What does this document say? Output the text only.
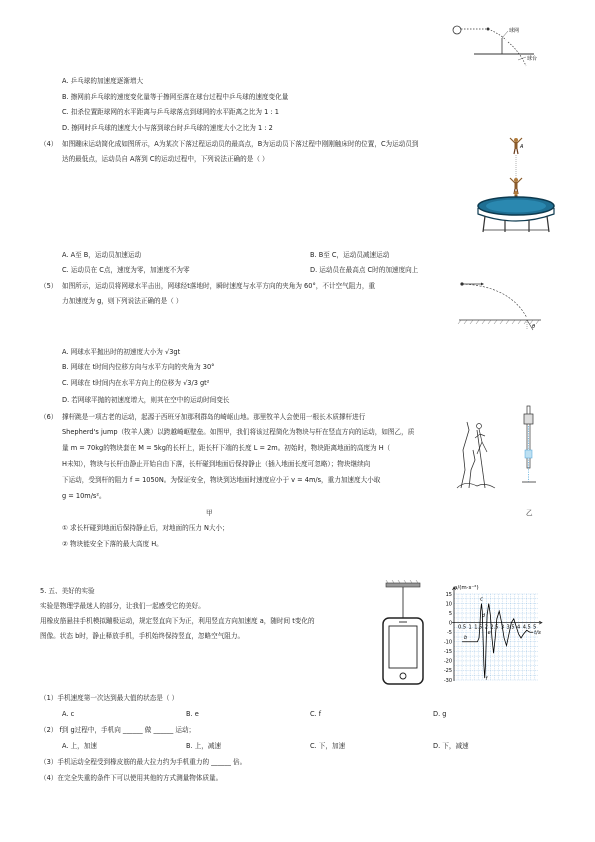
球网
球台
A. 乒乓球的加速度逐渐增大
B. 擦网前乒乓球的速度变化量等于擦网至落在球台过程中乒乓球的速度变化量
C. 扣杀位置距球网的水平距离与乒乓球落点到球网的水平距离之比为 1 : 1
D. 擦网时乒乓球的速度大小与落到球台时乒乓球的速度大小之比为 1 : 2
（4） 如图蹦床运动简化成如图所示，A为某次下落过程运动员的最高点，B为运动员下落过程中刚刚触床时的位置，C为运动员到
达的最低点，运动员自 A落到 C的运动过程中，下列说法正确的是（ ）
A
A. A至 B，运动员加速运动	B. B至 C，运动员减速运动
C. 运动员在 C点，速度为零，加速度不为零	D. 运动员在最高点 C时的加速度向上
（5） 如图所示，运动员将网球水平击出，网球经t落地时，瞬时速度与水平方向的夹角为 60°，不计空气阻力，重
力加速度为 g，则下列说法正确的是（ ）
θ
A. 网球水平抛出时的初速度大小为 √3gt
B. 网球在 t时间内位移方向与水平方向的夹角为 30°
C. 网球在 t时间内在水平方向上的位移为 √3/3 gt²
D. 若网球平抛的初速度增大，则其在空中的运动时间变长
（6） 撑杆跳是一项古老的运动，起源于西班牙加那利群岛的崎岖山地。那里牧羊人会使用一根长木质撑杆进行
Shepherd's jump（牧羊人跳）以跨越崎岖壁垒。如图甲，我们将该过程简化为物块与杆在竖直方向的运动，如图乙，质
量 m = 70kg的物块套在 M = 5kg的长杆上，距长杆下端的长度 L = 2m。初始时，物块距离地面的高度为 H（
H未知），物块与长杆由静止开始自由下落，长杆碰到地面后保持静止（插入地面长度可忽略）；物块继续向
下运动，受到杆的阻力 f = 1050N。为保证安全，物块到达地面时速度应小于 v = 4m/s，重力加速度大小取
g = 10m/s²。
甲	乙
① 求长杆碰到地面后保持静止后，对地面的压力 N大小；
② 物块能安全下落的最大高度 H。
5. 五、美好的实验
实验是物理学最迷人的部分，让我们一起感受它的美好。
用橡皮筋悬挂手机模拟蹦极运动，规定竖直向下为正，利用竖直方向加速度 a，随时间 t变化的
图像。状态 b时，静止释放手机，手机始终保持竖直，忽略空气阻力。
a/(m·s⁻²)
t/s
15
10
5
0
-5
-10
-15
-20
-25
-30
0.5 1 1.5 2 2.5 3 3.5 4 4.5 5
b
c
d
e
f
（1）手机速度第一次达到最大值的状态是（ ）
A. c	B. e	C. f	D. g
（2） f到 g过程中，手机向 ______ 做 ______ 运动；
A. 上，加速	B. 上，减速	C. 下，加速	D. 下，减速
（3）手机运动全程受到橡皮筋的最大拉力约为手机重力的 ______ 倍。
（4）在完全失重的条件下可以使用其他的方式测量物体质量。
